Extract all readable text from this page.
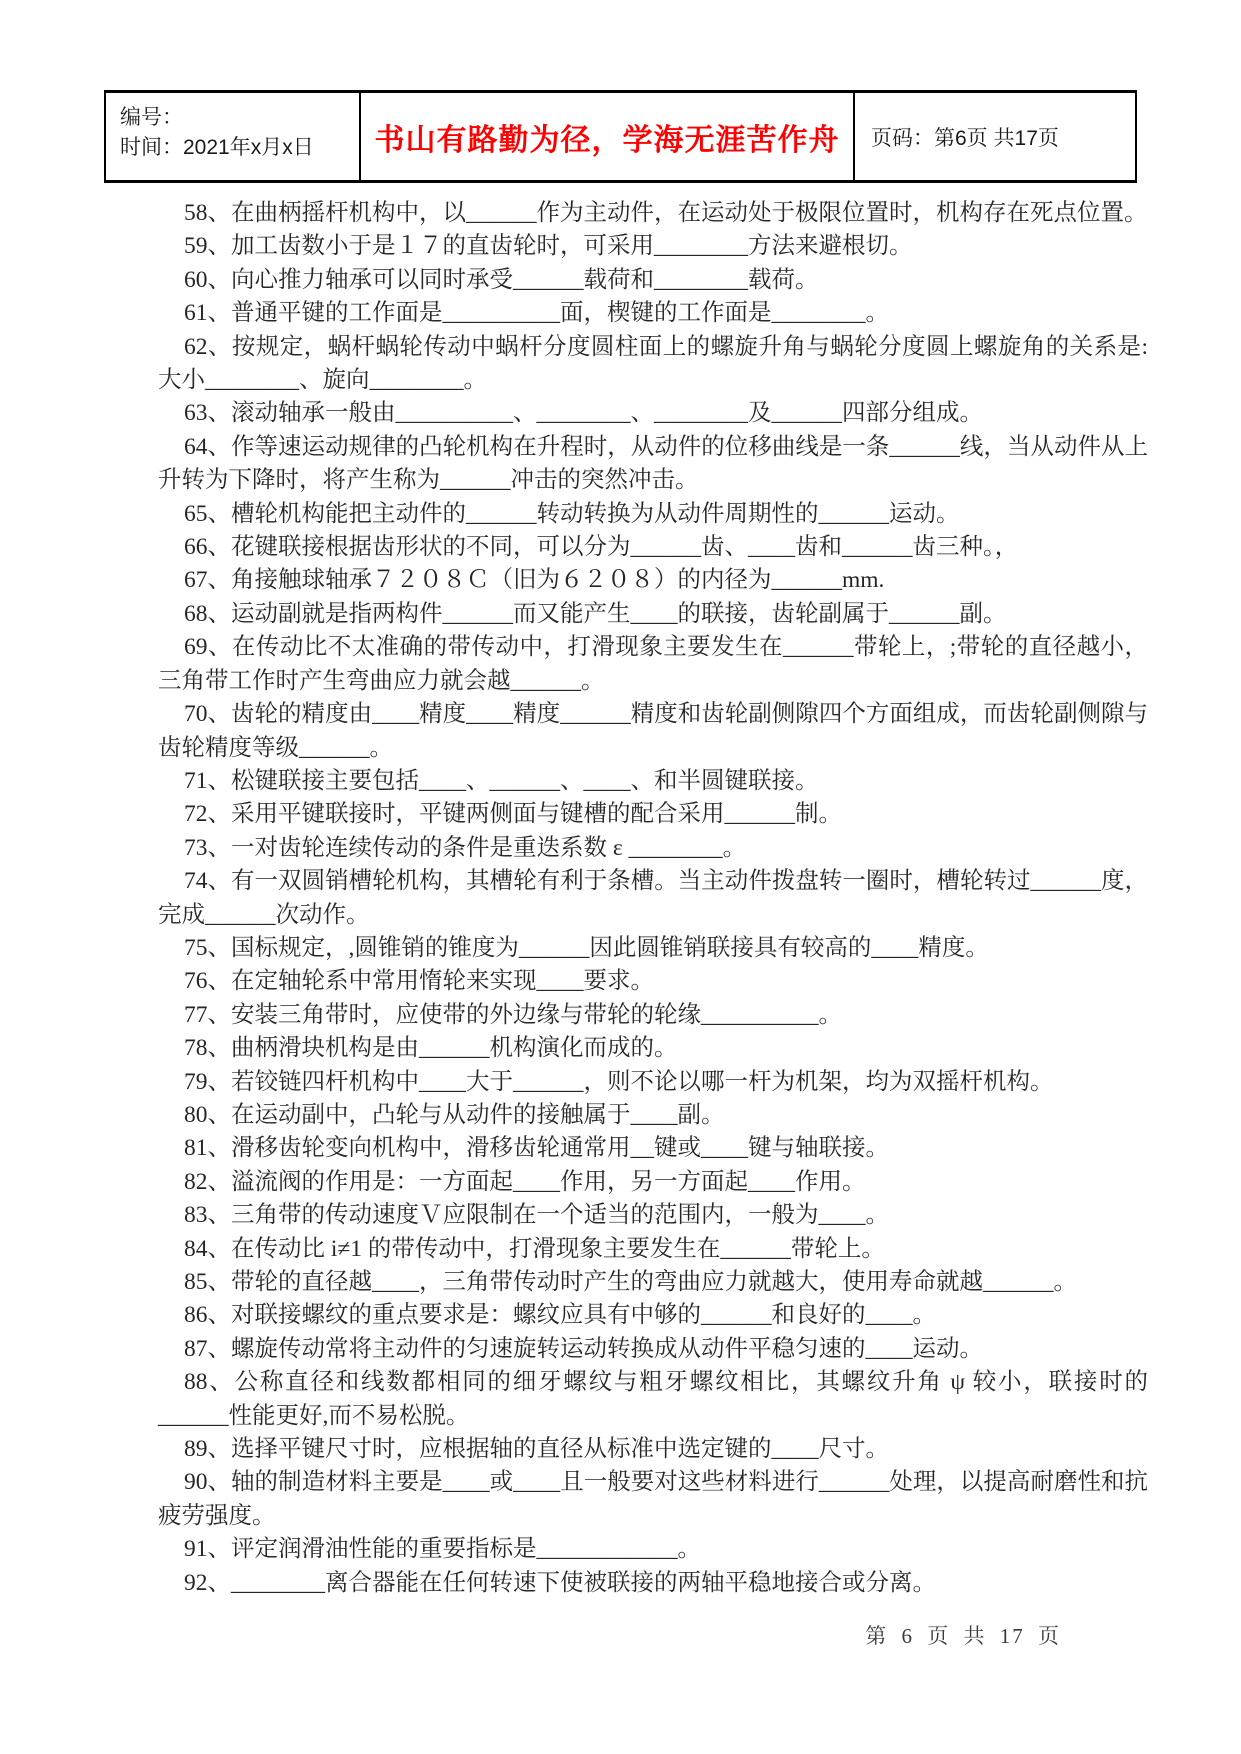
编号：
时间：2021年x月x日	书山有路勤为径，学海无涯苦作舟 页码：第6页 共17页

58、在曲柄摇杆机构中，以______作为主动件，在运动处于极限位置时，机构存在死点位置。

59、加工齿数小于是１７的直齿轮时，可采用________方法来避根切。

60、向心推力轴承可以同时承受______载荷和________载荷。

61、普通平键的工作面是__________面，楔键的工作面是________。

62、按规定，蜗杆蜗轮传动中蜗杆分度圆柱面上的螺旋升角与蜗轮分度圆上螺旋角的关系是:大小________、旋向________。

63、滚动轴承一般由__________、________、________及______四部分组成。

64、作等速运动规律的凸轮机构在升程时，从动件的位移曲线是一条______线，当从动件从上升转为下降时，将产生称为______冲击的突然冲击。

65、槽轮机构能把主动件的______转动转换为从动件周期性的______运动。

66、花键联接根据齿形状的不同，可以分为______齿、____齿和______齿三种。，

67、角接触球轴承７２０８Ｃ（旧为６２０８）的内径为______mm.

68、运动副就是指两构件______而又能产生____的联接，齿轮副属于______副。

69、在传动比不太准确的带传动中，打滑现象主要发生在______带轮上，;带轮的直径越小，三角带工作时产生弯曲应力就会越______。

70、齿轮的精度由____精度____精度______精度和齿轮副侧隙四个方面组成，而齿轮副侧隙与齿轮精度等级______。

71、松键联接主要包括____、______、____、和半圆键联接。

72、采用平键联接时，平键两侧面与键槽的配合采用______制。

73、一对齿轮连续传动的条件是重迭系数 ε ________。

74、有一双圆销槽轮机构，其槽轮有利于条槽。当主动件拨盘转一圈时，槽轮转过______度，完成______次动作。

75、国标规定，,圆锥销的锥度为______因此圆锥销联接具有较高的____精度。

76、在定轴轮系中常用惰轮来实现____要求。

77、安装三角带时，应使带的外边缘与带轮的轮缘__________。

78、曲柄滑块机构是由______机构演化而成的。

79、若铰链四杆机构中____大于______，则不论以哪一杆为机架，均为双摇杆机构。

80、在运动副中，凸轮与从动件的接触属于____副。

81、滑移齿轮变向机构中，滑移齿轮通常用__键或____键与轴联接。

82、溢流阀的作用是：一方面起____作用，另一方面起____作用。

83、三角带的传动速度Ｖ应限制在一个适当的范围内，一般为____。

84、在传动比 i≠1 的带传动中，打滑现象主要发生在______带轮上。

85、带轮的直径越____，三角带传动时产生的弯曲应力就越大，使用寿命就越______。

86、对联接螺纹的重点要求是：螺纹应具有中够的______和良好的____。

87、螺旋传动常将主动件的匀速旋转运动转换成从动件平稳匀速的____运动。

88、公称直径和线数都相同的细牙螺纹与粗牙螺纹相比，其螺纹升角 ψ 较小，联接时的______性能更好,而不易松脱。

89、选择平键尺寸时，应根据轴的直径从标准中选定键的____尺寸。

90、轴的制造材料主要是____或____且一般要对这些材料进行______处理，以提高耐磨性和抗疲劳强度。

91、评定润滑油性能的重要指标是____________。

92、________离合器能在任何转速下使被联接的两轴平稳地接合或分离。

第 6 页 共 17 页
